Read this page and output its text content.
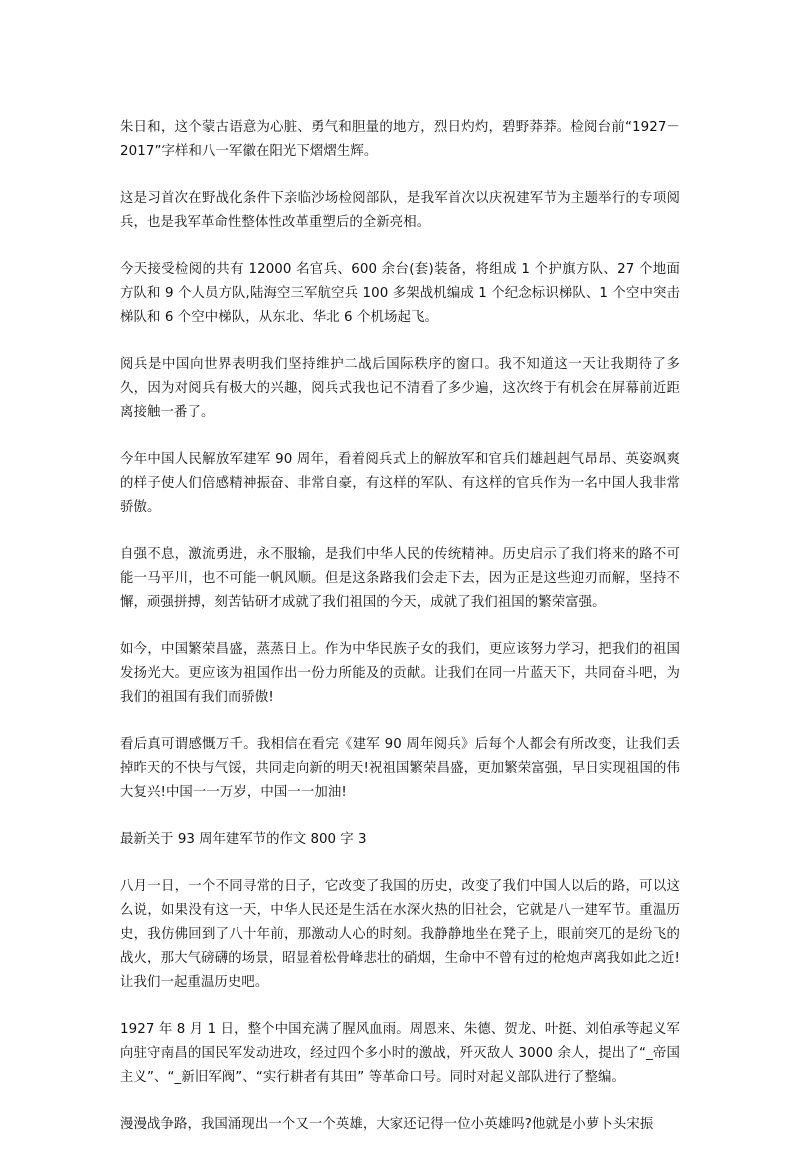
朱日和，这个蒙古语意为心脏、勇气和胆量的地方，烈日灼灼，碧野莽莽。检阅台前“1927－2017”字样和八一军徽在阳光下熠熠生辉。

这是习首次在野战化条件下亲临沙场检阅部队，是我军首次以庆祝建军节为主题举行的专项阅兵，也是我军革命性整体性改革重塑后的全新亮相。

今天接受检阅的共有 12000 名官兵、600 余台(套)装备，将组成 1 个护旗方队、27 个地面方队和 9 个人员方队,陆海空三军航空兵 100 多架战机编成 1 个纪念标识梯队、1 个空中突击梯队和 6 个空中梯队，从东北、华北 6 个机场起飞。

阅兵是中国向世界表明我们坚持维护二战后国际秩序的窗口。我不知道这一天让我期待了多久，因为对阅兵有极大的兴趣，阅兵式我也记不清看了多少遍，这次终于有机会在屏幕前近距离接触一番了。

今年中国人民解放军建军 90 周年，看着阅兵式上的解放军和官兵们雄赳赳气昂昂、英姿飒爽的样子使人们倍感精神振奋、非常自豪，有这样的军队、有这样的官兵作为一名中国人我非常骄傲。

自强不息，激流勇进，永不服输，是我们中华人民的传统精神。历史启示了我们将来的路不可能一马平川，也不可能一帆风顺。但是这条路我们会走下去，因为正是这些迎刃而解，坚持不懈，顽强拼搏，刻苦钻研才成就了我们祖国的今天，成就了我们祖国的繁荣富强。

如今，中国繁荣昌盛，蒸蒸日上。作为中华民族子女的我们，更应该努力学习，把我们的祖国发扬光大。更应该为祖国作出一份力所能及的贡献。让我们在同一片蓝天下，共同奋斗吧，为我们的祖国有我们而骄傲!

看后真可谓感慨万千。我相信在看完《建军 90 周年阅兵》后每个人都会有所改变，让我们丢掉昨天的不快与气馁，共同走向新的明天!祝祖国繁荣昌盛，更加繁荣富强，早日实现祖国的伟大复兴!中国一一万岁，中国一一加油!

最新关于 93 周年建军节的作文 800 字 3

八月一日，一个不同寻常的日子，它改变了我国的历史，改变了我们中国人以后的路，可以这么说，如果没有这一天，中华人民还是生活在水深火热的旧社会，它就是八一建军节。重温历史，我仿佛回到了八十年前，那激动人心的时刻。我静静地坐在凳子上，眼前突兀的是纷飞的战火，那大气磅礴的场景，昭显着松骨峰悲壮的硝烟，生命中不曾有过的枪炮声离我如此之近!让我们一起重温历史吧。

1927 年 8 月 1 日，整个中国充满了腥风血雨。周恩来、朱德、贺龙、叶挺、刘伯承等起义军向驻守南昌的国民军发动进攻，经过四个多小时的激战，歼灭敌人 3000 余人，提出了“_帝国主义”、“_新旧军阀”、“实行耕者有其田” 等革命口号。同时对起义部队进行了整编。

漫漫战争路，我国涌现出一个又一个英雄，大家还记得一位小英雄吗?他就是小萝卜头宋振
